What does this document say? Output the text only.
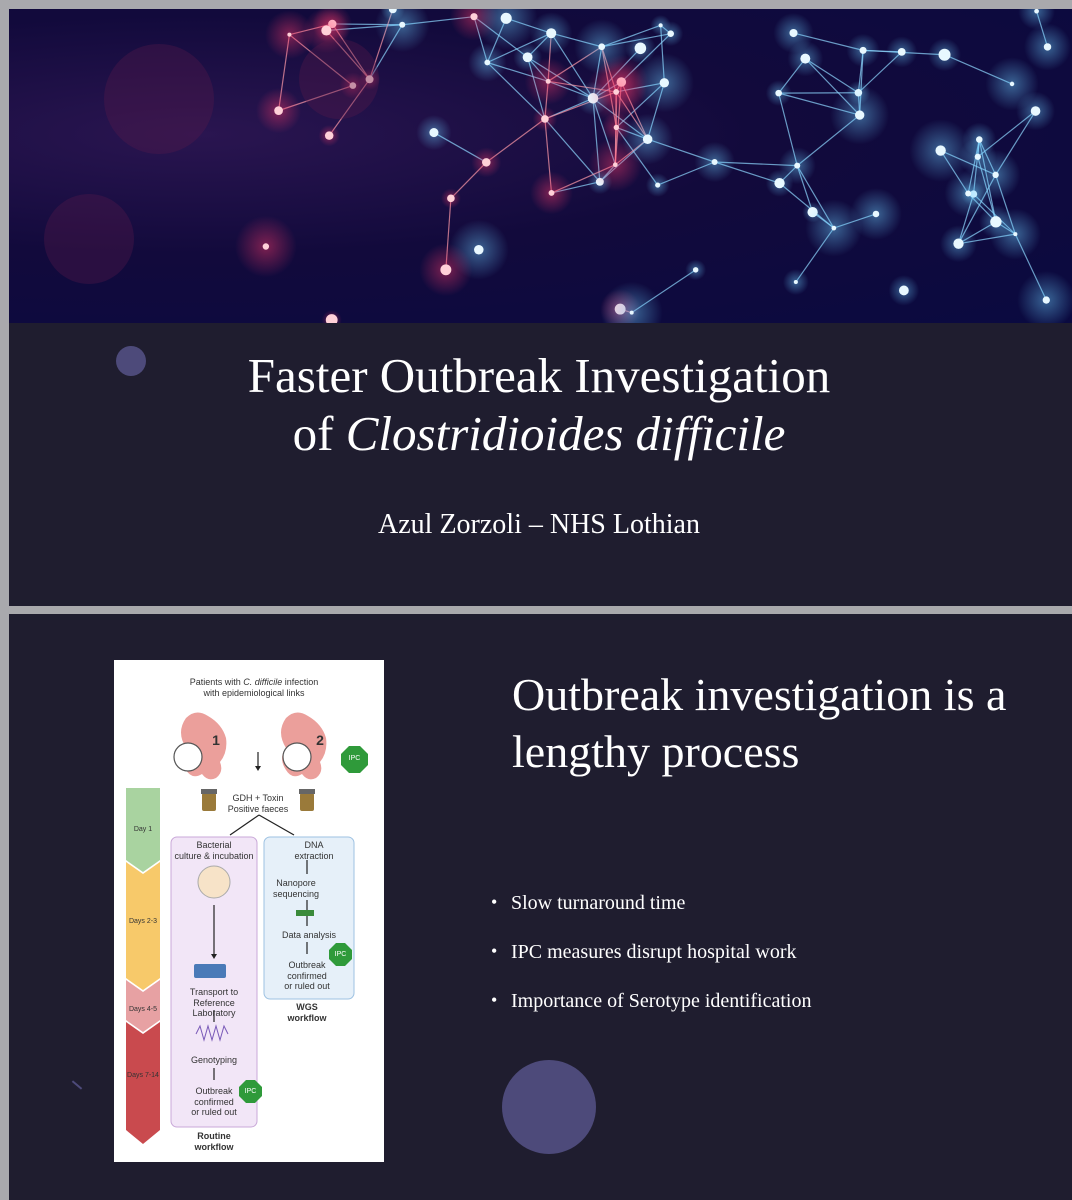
Faster Outbreak Investigation
of Clostridioides difficile
Azul Zorzoli – NHS Lothian
Patients with C. difficile infection
with epidemiological links
1	2
IPC
GDH + Toxin
Positive faeces
Day 1
Days 2-3
Days 4-5
Days 7-14
Bacterial
culture & incubation
Transport to
Reference Laboratory
Genotyping
Outbreak
confirmed
or ruled out
IPC
Routine
workflow
DNA
extraction
Nanopore
sequencing
Data analysis
Outbreak
confirmed
or ruled out
IPC
WGS
workflow
Outbreak investigation is a lengthy process
• Slow turnaround time
• IPC measures disrupt hospital work
• Importance of Serotype identification
